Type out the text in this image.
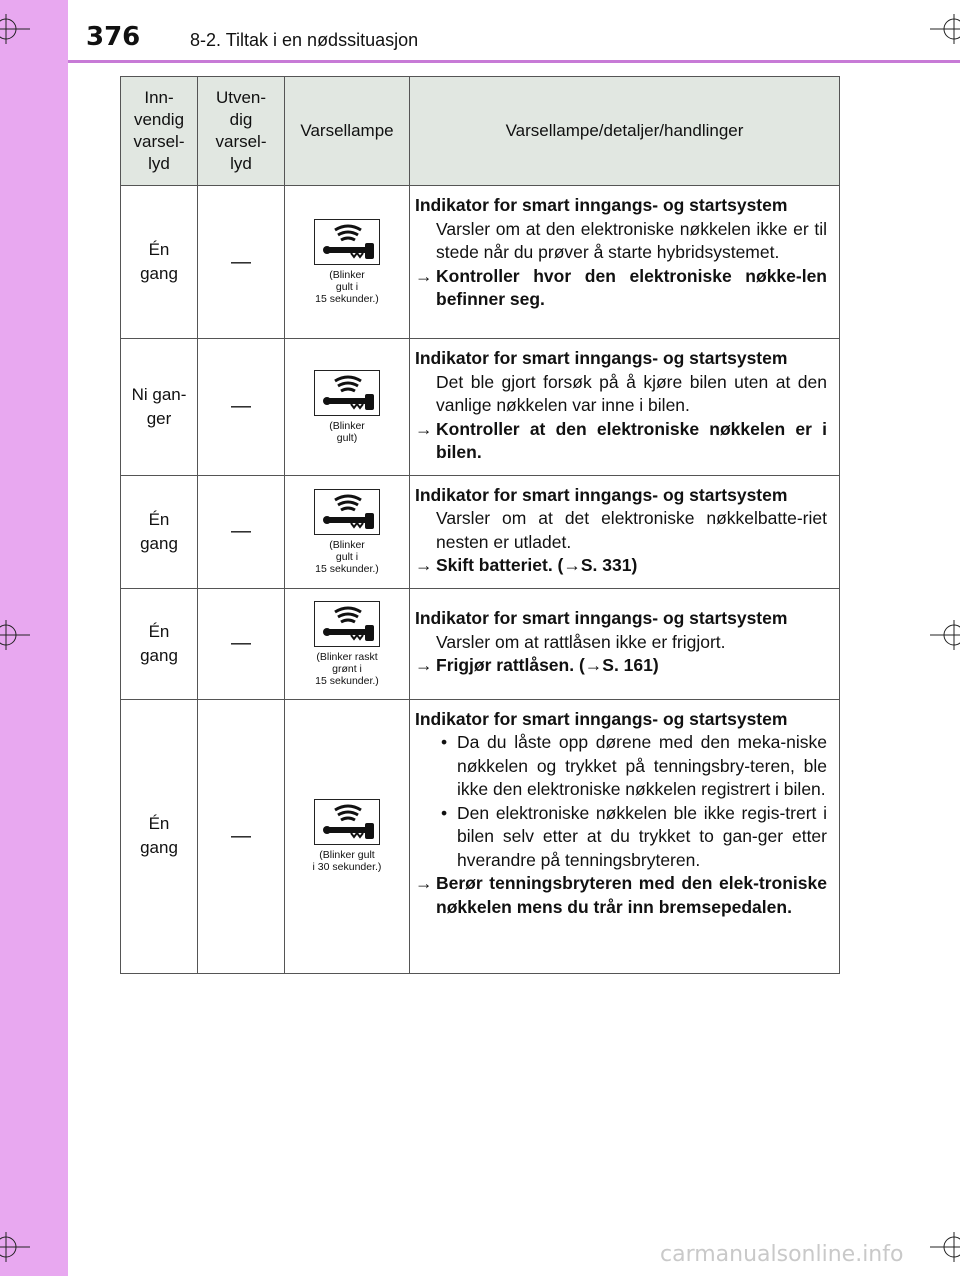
376	8-2. Tiltak i en nødssituasjon
Inn-
vendig
varsel-
lyd	Utven-
dig
varsel-
lyd	Varsellampe	Varsellampe/detaljer/handlinger
Én
gang	—	(Blinker
gult i
15 sekunder.)	Indikator for smart inngangs- og startsystem
Varsler om at den elektroniske nøkkelen ikke er til stede når du prøver å starte hybridsystemet.
→ Kontroller hvor den elektroniske nøkke-len befinner seg.

Ni gan-
ger	—	(Blinker
gult)	Indikator for smart inngangs- og startsystem
Det ble gjort forsøk på å kjøre bilen uten at den vanlige nøkkelen var inne i bilen.
→ Kontroller at den elektroniske nøkkelen er i bilen.

Én
gang	—	(Blinker
gult i
15 sekunder.)	Indikator for smart inngangs- og startsystem
Varsler om at det elektroniske nøkkelbatte-riet nesten er utladet.
→ Skift batteriet. (→S. 331)

Én
gang	—	(Blinker raskt
grønt i
15 sekunder.)	Indikator for smart inngangs- og startsystem
Varsler om at rattlåsen ikke er frigjort.
→ Frigjør rattlåsen. (→S. 161)

Én
gang	—	(Blinker gult
i 30 sekunder.)	Indikator for smart inngangs- og startsystem
• Da du låste opp dørene med den meka-niske nøkkelen og trykket på tenningsbry-teren, ble ikke den elektroniske nøkkelen registrert i bilen.
• Den elektroniske nøkkelen ble ikke regis-trert i bilen selv etter at du trykket to gan-ger etter hverandre på tenningsbryteren.
→ Berør tenningsbryteren med den elek-troniske nøkkelen mens du trår inn bremsepedalen.
carmanualsonline.info
